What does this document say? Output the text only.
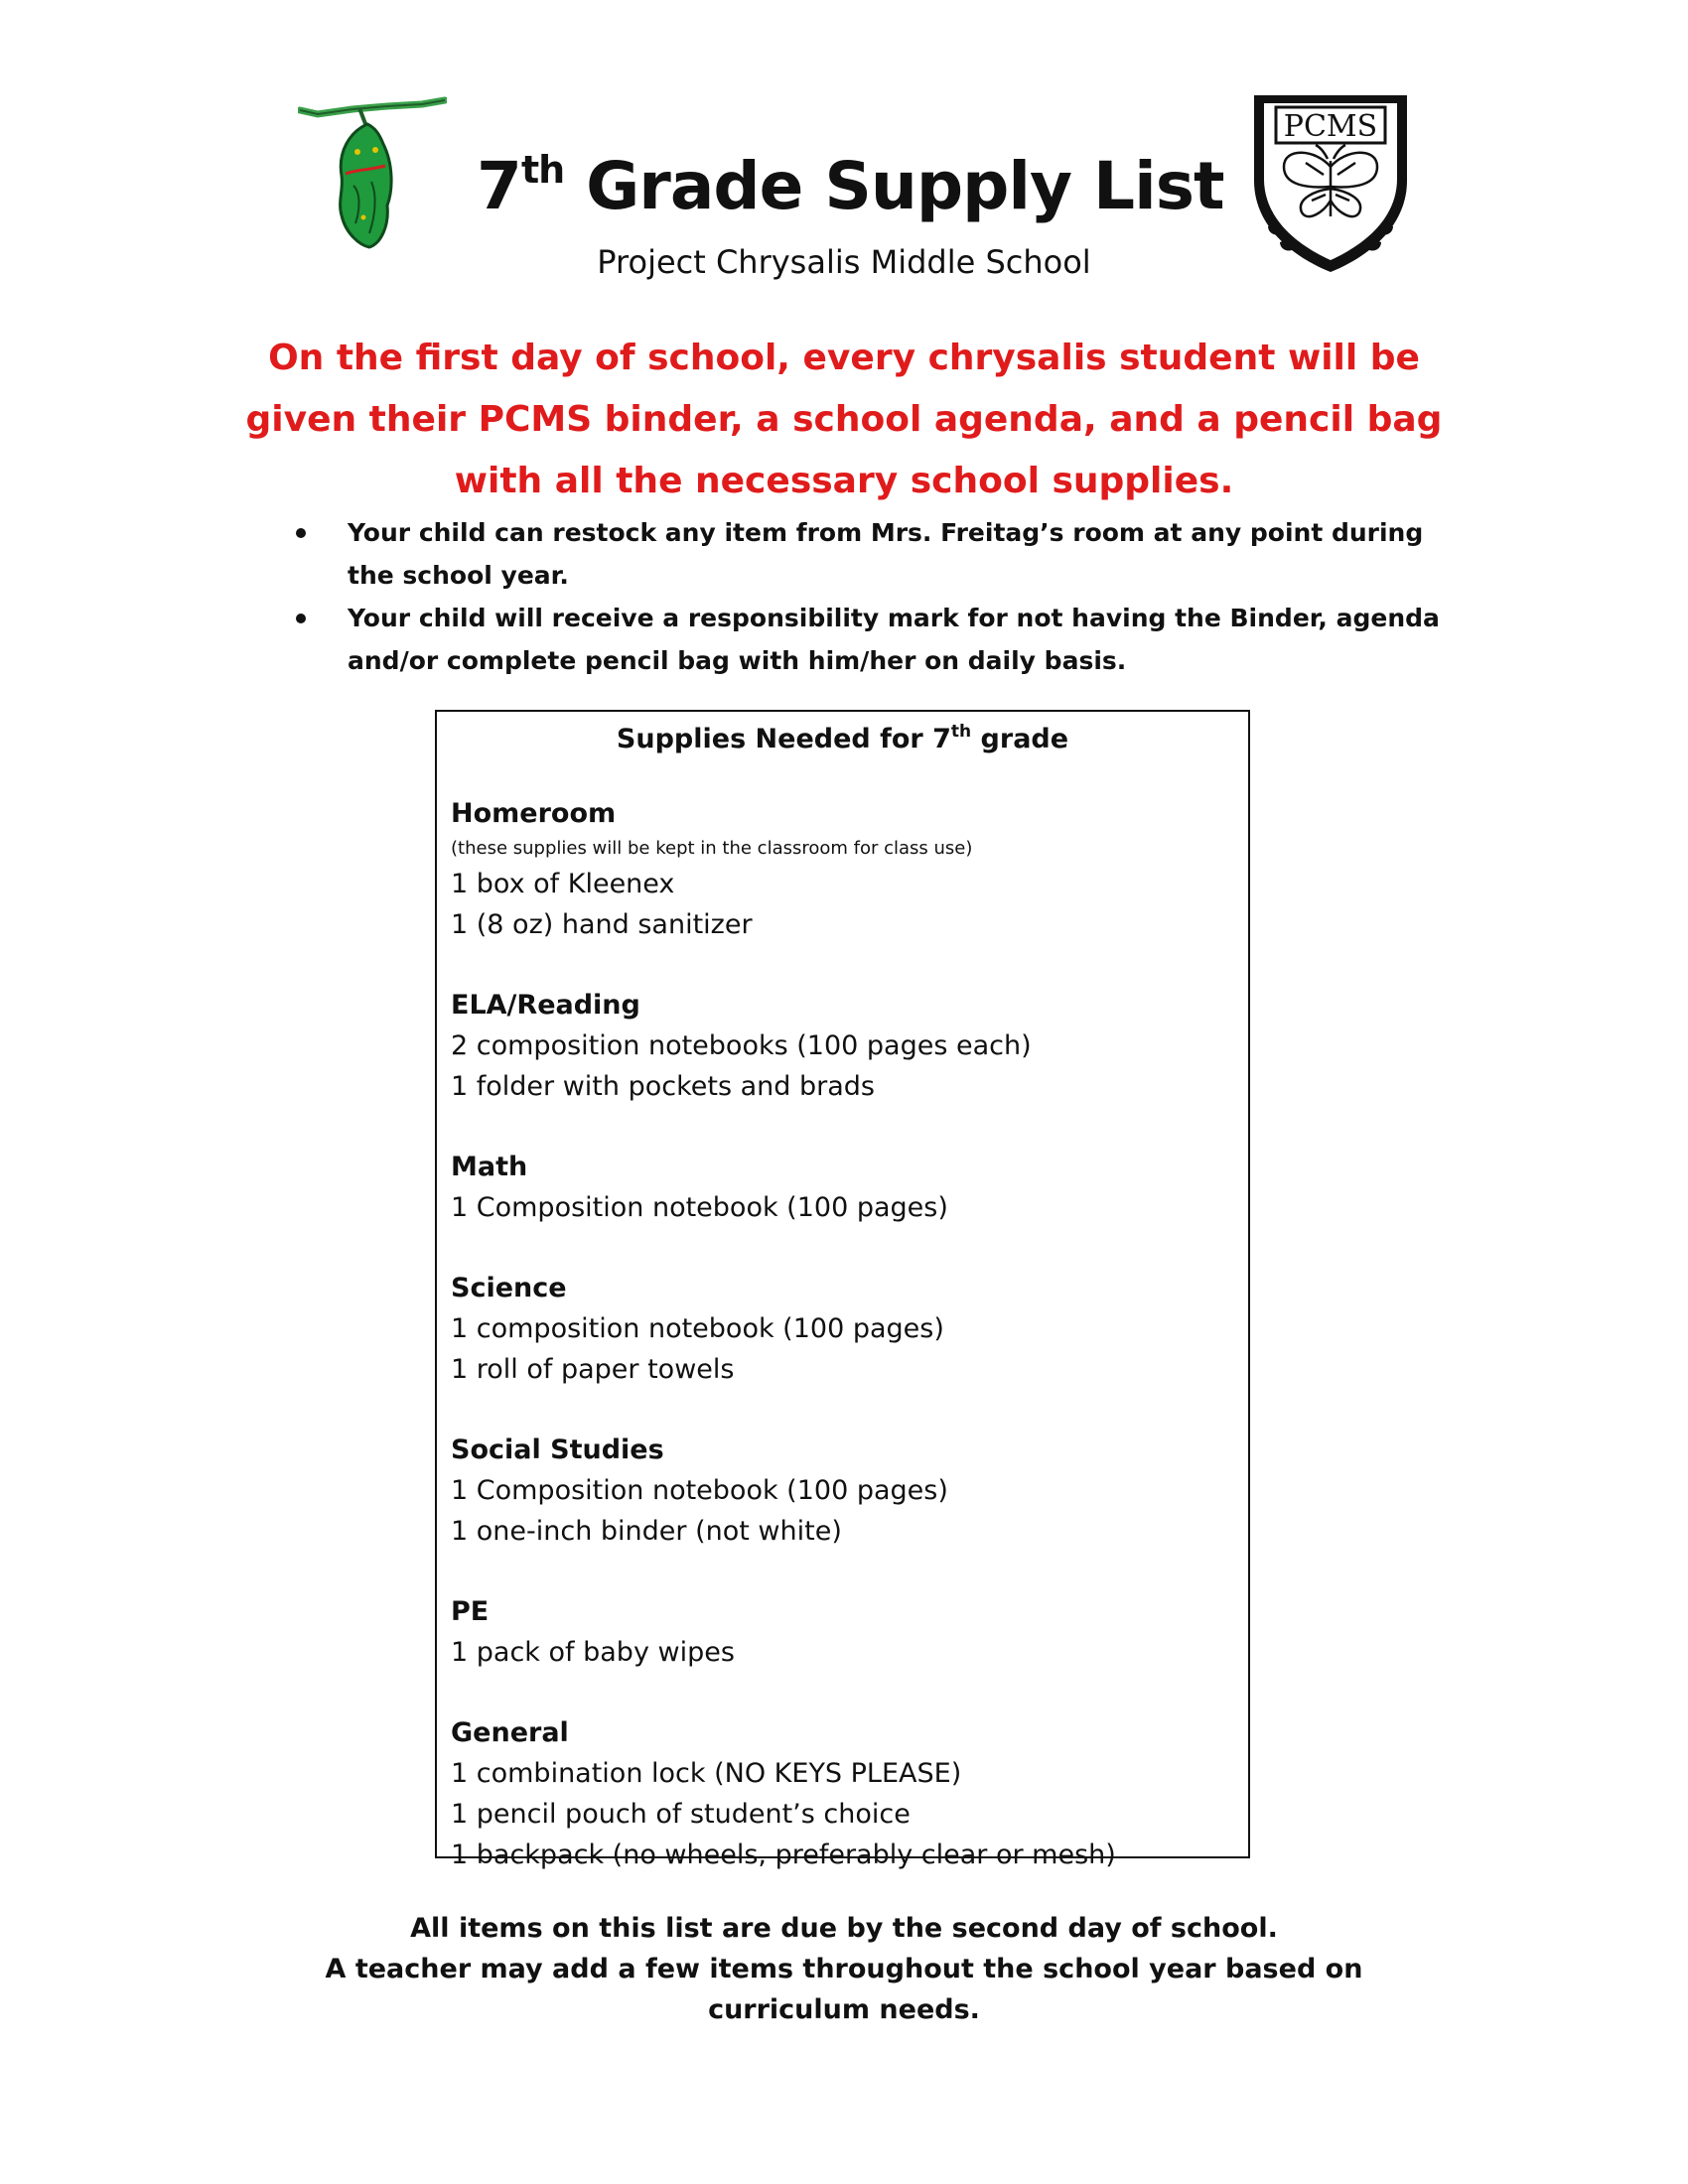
7th Grade Supply List
Project Chrysalis Middle School
PCMS
On the first day of school, every chrysalis student will be given their PCMS binder, a school agenda, and a pencil bag with all the necessary school supplies.
Your child can restock any item from Mrs. Freitag’s room at any point during the school year.
Your child will receive a responsibility mark for not having the Binder, agenda and/or complete pencil bag with him/her on daily basis.
Supplies Needed for 7th grade
Homeroom
(these supplies will be kept in the classroom for class use)
1 box of Kleenex
1 (8 oz) hand sanitizer
ELA/Reading
2 composition notebooks (100 pages each)
1 folder with pockets and brads
Math
1 Composition notebook (100 pages)
Science
1 composition notebook (100 pages)
1 roll of paper towels
Social Studies
1 Composition notebook (100 pages)
1 one-inch binder (not white)
PE
1 pack of baby wipes
General
1 combination lock (NO KEYS PLEASE)
1 pencil pouch of student’s choice
1 backpack (no wheels, preferably clear or mesh)
All items on this list are due by the second day of school.
A teacher may add a few items throughout the school year based on curriculum needs.
